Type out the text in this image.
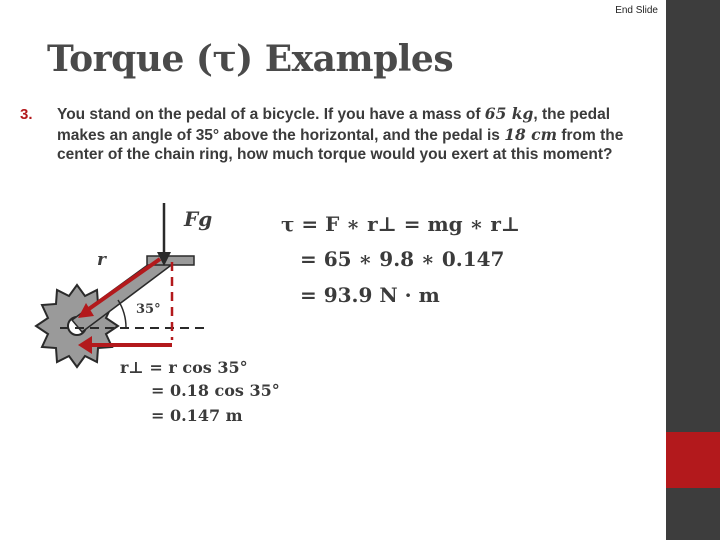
End Slide
Torque (τ) Examples
3. You stand on the pedal of a bicycle. If you have a mass of 65 kg, the pedal makes an angle of 35° above the horizontal, and the pedal is 18 cm from the center of the chain ring, how much torque would you exert at this moment?

Fg
r
35°
τ = F ∗ r⊥ = mg ∗ r⊥
= 65 ∗ 9.8 ∗ 0.147
= 93.9 N · m
r⊥ = r cos 35°
= 0.18 cos 35°
= 0.147 m
